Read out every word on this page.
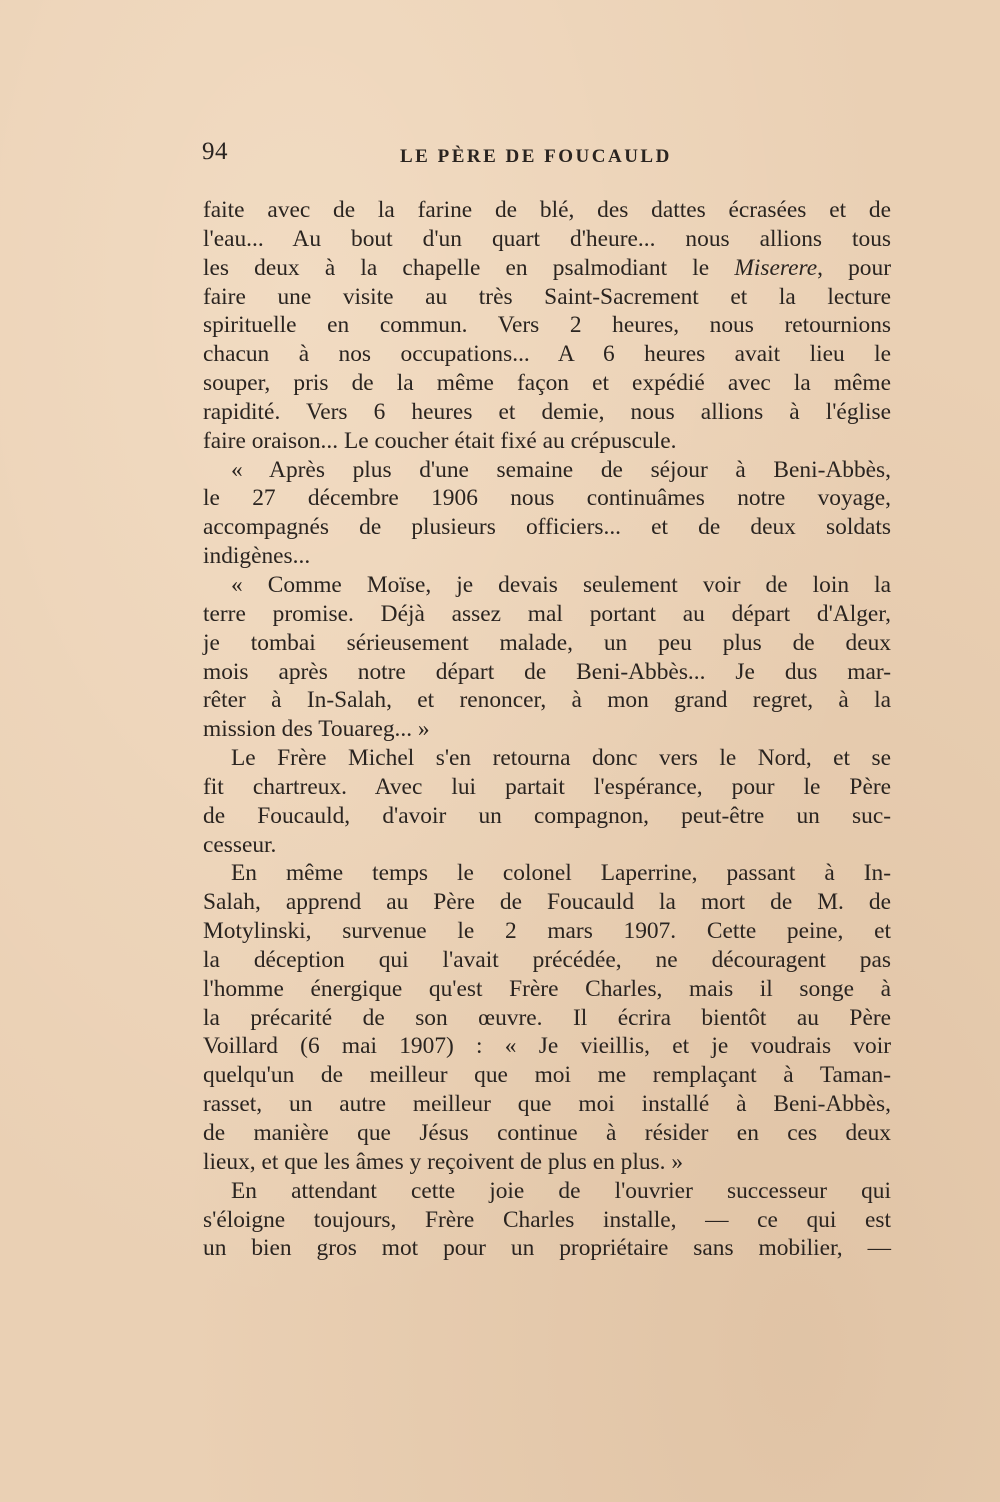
94	LE PÈRE DE FOUCAULD
faite avec de la farine de blé, des dattes écrasées et de
l'eau... Au bout d'un quart d'heure... nous allions tous
les deux à la chapelle en psalmodiant le Miserere, pour
faire une visite au très Saint-Sacrement et la lecture
spirituelle en commun. Vers 2 heures, nous retournions
chacun à nos occupations... A 6 heures avait lieu le
souper, pris de la même façon et expédié avec la même
rapidité. Vers 6 heures et demie, nous allions à l'église
faire oraison... Le coucher était fixé au crépuscule.
« Après plus d'une semaine de séjour à Beni-Abbès,
le 27 décembre 1906 nous continuâmes notre voyage,
accompagnés de plusieurs officiers... et de deux soldats
indigènes...
« Comme Moïse, je devais seulement voir de loin la
terre promise. Déjà assez mal portant au départ d'Alger,
je tombai sérieusement malade, un peu plus de deux
mois après notre départ de Beni-Abbès... Je dus mar-
rêter à In-Salah, et renoncer, à mon grand regret, à la
mission des Touareg... »
Le Frère Michel s'en retourna donc vers le Nord, et se
fit chartreux. Avec lui partait l'espérance, pour le Père
de Foucauld, d'avoir un compagnon, peut-être un suc-
cesseur.
En même temps le colonel Laperrine, passant à In-
Salah, apprend au Père de Foucauld la mort de M. de
Motylinski, survenue le 2 mars 1907. Cette peine, et
la déception qui l'avait précédée, ne découragent pas
l'homme énergique qu'est Frère Charles, mais il songe à
la précarité de son œuvre. Il écrira bientôt au Père
Voillard (6 mai 1907) : « Je vieillis, et je voudrais voir
quelqu'un de meilleur que moi me remplaçant à Taman-
rasset, un autre meilleur que moi installé à Beni-Abbès,
de manière que Jésus continue à résider en ces deux
lieux, et que les âmes y reçoivent de plus en plus. »
En attendant cette joie de l'ouvrier successeur qui
s'éloigne toujours, Frère Charles installe, — ce qui est
un bien gros mot pour un propriétaire sans mobilier, —
